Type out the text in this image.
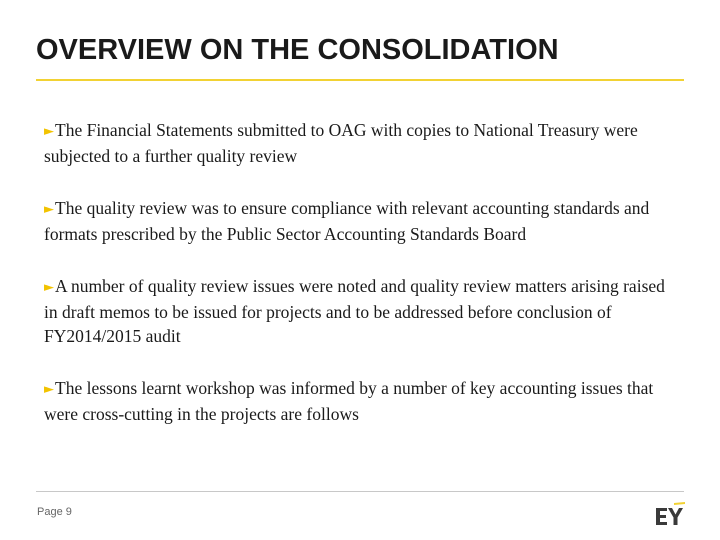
OVERVIEW ON THE CONSOLIDATION

►The Financial Statements submitted to OAG with copies to National Treasury were subjected to a further quality review

►The quality review was to ensure compliance with relevant accounting standards and formats prescribed by the Public Sector Accounting Standards Board

►A number of quality review issues were noted and quality review matters arising raised in draft memos to be issued for projects and to be addressed before conclusion of FY2014/2015 audit

►The lessons learnt workshop was informed by a number of key accounting issues that were cross-cutting in the projects are follows

Page 9
